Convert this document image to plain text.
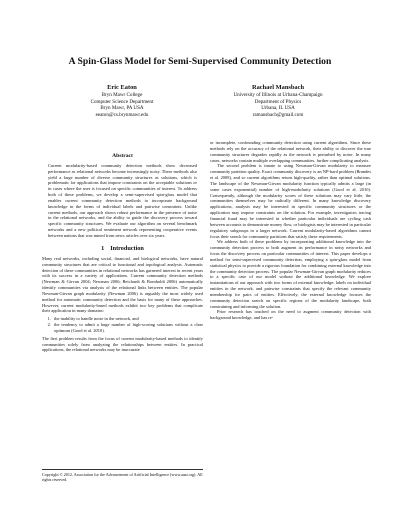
A Spin-Glass Model for Semi-Supervised Community Detection
Eric Eaton
Bryn Mawr College
Computer Science Department
Bryn Mawr, PA USA
eeaton@cs.brynmawr.edu
Rachael Mansbach
University of Illinois at Urbana-Champaign
Department of Physics
Urbana, IL USA
ramansbach@gmail.com
Abstract

Current modularity-based community detection methods show decreased performance as relational networks become increasingly noisy. These methods also yield a large number of diverse community structures as solutions, which is problematic for applications that impose constraints on the acceptable solutions or in cases where the user is focused on specific communities of interest. To address both of these problems, we develop a semi-supervised spin-glass model that enables current community detection methods to incorporate background knowledge in the forms of individual labels and pairwise constraints. Unlike current methods, our approach shows robust performance in the presence of noise in the relational networks, and the ability to guide the discovery process toward specific community structures. We evaluate our algorithm on several benchmark networks and a new political sentiment network representing cooperative events between nations that was mined from news articles over six years.

1 Introduction

Many real networks, including social, financial, and biological networks, have natural community structures that are critical to functional and topological analysis. Automatic detection of these communities in relational networks has garnered interest in recent years with its success in a variety of applications. Current community detection methods (Newman & Girvan 2004; Newman 2006; Reichardt & Bornholdt 2006) automatically identify communities via analysis of the relational links between entities. The popular Newman-Girvan graph modularity (Newman 2006) is arguably the most widely used method for automatic community detection and the basis for many of these approaches. However, current modularity-based methods exhibit two key problems that complicate their application in many domains:

1. the inability to handle noise in the network, and
2. the tendency to admit a large number of high-scoring solutions without a clear optimum (Good et al. 2010).

The first problem results from the focus of current modularity-based methods to identify communities solely from analyzing the relationships between entities. In practical applications, the relational networks may be inaccurate

Copyright © 2012, Association for the Advancement of Artificial Intelligence (www.aaai.org). All rights reserved.

or incomplete, confounding community detection using current algorithms. Since these methods rely on the accuracy of the relational network, their ability to discover the true community structures degrades rapidly as the network is perturbed by noise. In many cases, networks contain multiple overlapping communities, further complicating analysis.

The second problem is innate to using Newman-Girvan modularity to measure community partition quality. Exact community discovery is an NP-hard problem (Brandes et al. 2008), and so current algorithms return high-quality, rather than optimal solutions. The landscape of the Newman-Girvan modularity function typically admits a large (in some cases exponential) number of high-modularity solutions (Good et al. 2010). Consequently, although the modularity scores of these solutions may vary little, the communities themselves may be radically different. In many knowledge discovery applications, analysts may be interested in specific community structures or the application may impose constraints on the solution. For example, investigators tracing financial fraud may be interested in whether particular individuals are cycling cash between accounts to demonstrate money flow, or biologists may be interested in particular regulatory subgroups in a larger network. Current modularity-based algorithms cannot focus their search for community partitions that satisfy these requirements.

We address both of these problems by incorporating additional knowledge into the community detection process to both augment its performance in noisy networks and focus the discovery process on particular communities of interest. This paper develops a method for semi-supervised community detection, employing a spin-glass model from statistical physics to provide a rigorous foundation for combining external knowledge into the community detection process. The popular Newman-Girvan graph modularity reduces to a specific case of our model without the additional knowledge. We explore instantiations of our approach with two forms of external knowledge: labels on individual entities in the network, and pairwise constraints that specify the relevant community membership for pairs of entities. Effectively, the external knowledge focuses the community detection search on specific regions of the modularity landscape, both constraining and informing the solution.

Prior research has touched on the need to augment community detection with background knowledge, and has re-
